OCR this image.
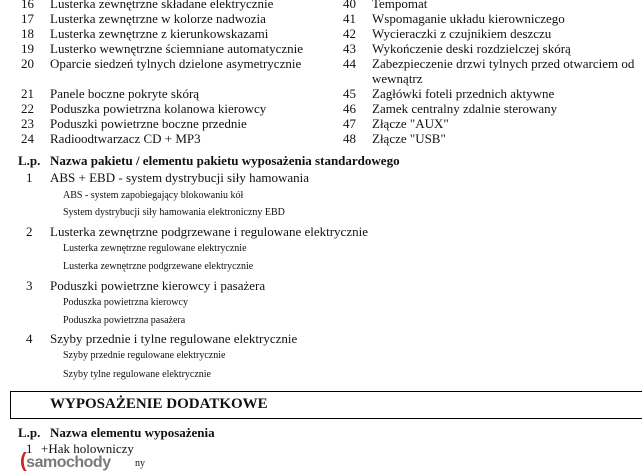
16 Lusterka zewnętrzne składane elektrycznie
17 Lusterka zewnętrzne w kolorze nadwozia
18 Lusterka zewnętrzne z kierunkowskazami
19 Lusterko wewnętrzne ściemniane automatycznie
20 Oparcie siedzeń tylnych dzielone asymetrycznie
21 Panele boczne pokryte skórą
22 Poduszka powietrzna kolanowa kierowcy
23 Poduszki powietrzne boczne przednie
24 Radioodtwarzacz CD + MP3
40 Tempomat
41 Wspomaganie układu kierowniczego
42 Wycieraczki z czujnikiem deszczu
43 Wykończenie deski rozdzielczej skórą
44 Zabezpieczenie drzwi tylnych przed otwarciem od
wewnątrz
45 Zagłówki foteli przednich aktywne
46 Zamek centralny zdalnie sterowany
47 Złącze "AUX"
48 Złącze "USB"
L.p. Nazwa pakietu / elementu pakietu wyposażenia standardowego
1 ABS + EBD - system dystrybucji siły hamowania
ABS - system zapobiegający blokowaniu kół
System dystrybucji siły hamowania elektroniczny EBD
2 Lusterka zewnętrzne podgrzewane i regulowane elektrycznie
Lusterka zewnętrzne regulowane elektrycznie
Lusterka zewnętrzne podgrzewane elektrycznie
3 Poduszki powietrzne kierowcy i pasażera
Poduszka powietrzna kierowcy
Poduszka powietrzna pasażera
4 Szyby przednie i tylne regulowane elektrycznie
Szyby przednie regulowane elektrycznie
Szyby tylne regulowane elektrycznie
WYPOSAŻENIE DODATKOWE
L.p. Nazwa elementu wyposażenia
1 +Hak holowniczy
ny
(samochody
